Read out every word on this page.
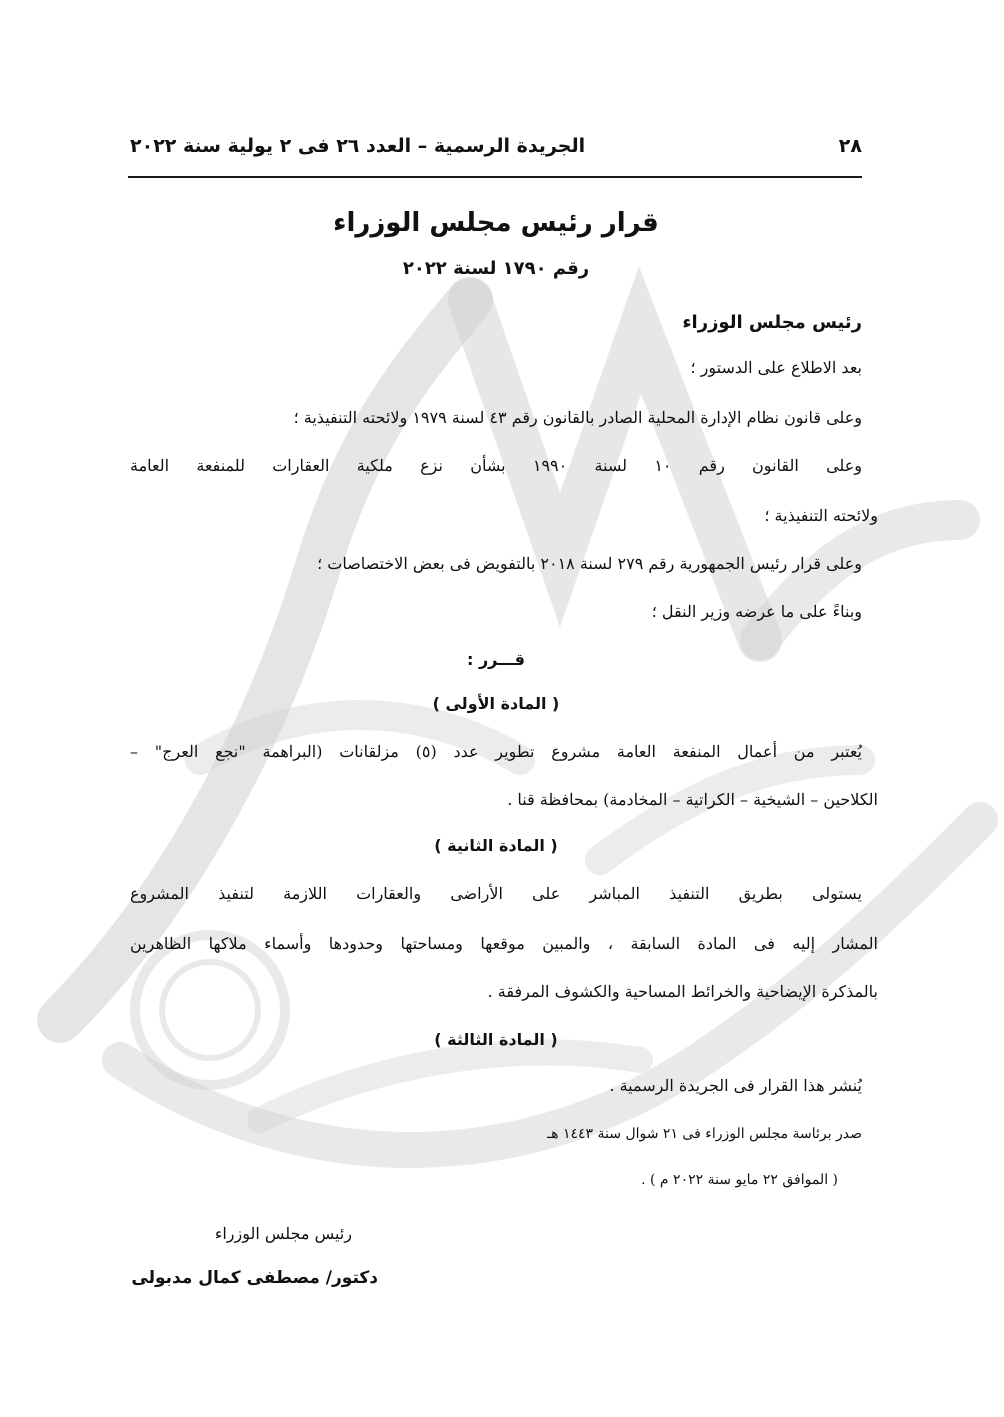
٢٨
الجريدة الرسمية – العدد ٢٦ فى ٢ يولية سنة ٢٠٢٢
قرار رئيس مجلس الوزراء
رقم ١٧٩٠ لسنة ٢٠٢٢
رئيس مجلس الوزراء
بعد الاطلاع على الدستور ؛
وعلى قانون نظام الإدارة المحلية الصادر بالقانون رقم ٤٣ لسنة ١٩٧٩ ولائحته التنفيذية ؛
وعلى القانون رقم ١٠ لسنة ١٩٩٠ بشأن نزع ملكية العقارات للمنفعة العامة
ولائحته التنفيذية ؛
وعلى قرار رئيس الجمهورية رقم ٢٧٩ لسنة ٢٠١٨ بالتفويض فى بعض الاختصاصات ؛
وبناءً على ما عرضه وزير النقل ؛
قـــرر :
( المادة الأولى )
يُعتبر من أعمال المنفعة العامة مشروع تطوير عدد (٥) مزلقانات (البراهمة "نجع العرج" –
الكلاحين – الشيخية – الكراتية – المخادمة) بمحافظة قنا .
( المادة الثانية )
يستولى بطريق التنفيذ المباشر على الأراضى والعقارات اللازمة لتنفيذ المشروع
المشار إليه فى المادة السابقة ، والمبين موقعها ومساحتها وحدودها وأسماء ملاكها الظاهرين
بالمذكرة الإيضاحية والخرائط المساحية والكشوف المرفقة .
( المادة الثالثة )
يُنشر هذا القرار فى الجريدة الرسمية .
صدر برئاسة مجلس الوزراء فى ٢١ شوال سنة ١٤٤٣ هـ
( الموافق ٢٢ مايو سنة ٢٠٢٢ م ) .
رئيس مجلس الوزراء
دكتور/ مصطفى كمال مدبولى
